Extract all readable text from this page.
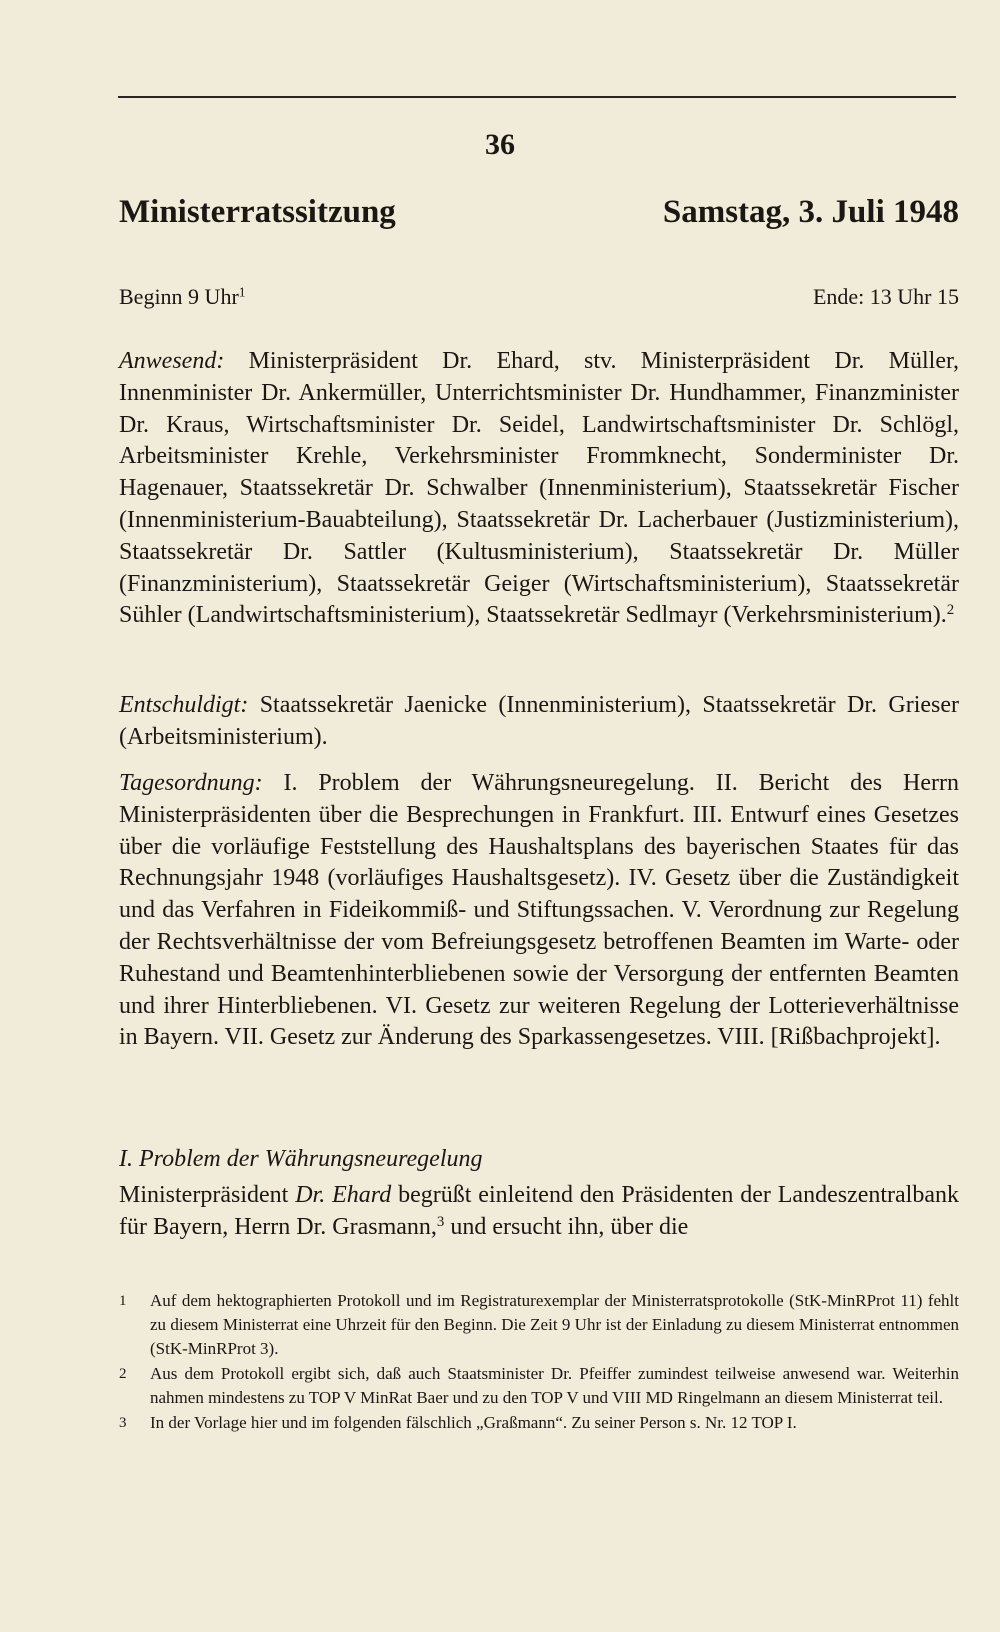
36
Ministerratssitzung	Samstag, 3. Juli 1948
Beginn 9 Uhr$^1$	Ende: 13 Uhr 15
Anwesend: Ministerpräsident Dr. Ehard, stv. Ministerpräsident Dr. Müller, Innenminister Dr. Ankermüller, Unterrichtsminister Dr. Hundhammer, Finanzminister Dr. Kraus, Wirtschaftsminister Dr. Seidel, Landwirtschaftsminister Dr. Schlögl, Arbeitsminister Krehle, Verkehrsminister Frommknecht, Sonderminister Dr. Hagenauer, Staatssekretär Dr. Schwalber (Innenministerium), Staatssekretär Fischer (Innenministerium-Bauabteilung), Staatssekretär Dr. Lacherbauer (Justizministerium), Staatssekretär Dr. Sattler (Kultusministerium), Staatssekretär Dr. Müller (Finanzministerium), Staatssekretär Geiger (Wirtschaftsministerium), Staatssekretär Sühler (Landwirtschaftsministerium), Staatssekretär Sedlmayr (Verkehrsministerium).$^2$
Entschuldigt: Staatssekretär Jaenicke (Innenministerium), Staatssekretär Dr. Grieser (Arbeitsministerium).
Tagesordnung: I. Problem der Währungsneuregelung. II. Bericht des Herrn Ministerpräsidenten über die Besprechungen in Frankfurt. III. Entwurf eines Gesetzes über die vorläufige Feststellung des Haushaltsplans des bayerischen Staates für das Rechnungsjahr 1948 (vorläufiges Haushaltsgesetz). IV. Gesetz über die Zuständigkeit und das Verfahren in Fideikommiß- und Stiftungssachen. V. Verordnung zur Regelung der Rechtsverhältnisse der vom Befreiungsgesetz betroffenen Beamten im Warte- oder Ruhestand und Beamtenhinterbliebenen sowie der Versorgung der entfernten Beamten und ihrer Hinterbliebenen. VI. Gesetz zur weiteren Regelung der Lotterieverhältnisse in Bayern. VII. Gesetz zur Änderung des Sparkassengesetzes. VIII. [Rißbachprojekt].
I. Problem der Währungsneuregelung
Ministerpräsident Dr. Ehard begrüßt einleitend den Präsidenten der Landeszentralbank für Bayern, Herrn Dr. Grasmann,$^3$ und ersucht ihn, über die
1	Auf dem hektographierten Protokoll und im Registraturexemplar der Ministerratsprotokolle (StK-MinRProt 11) fehlt zu diesem Ministerrat eine Uhrzeit für den Beginn. Die Zeit 9 Uhr ist der Einladung zu diesem Ministerrat entnommen (StK-MinRProt 3).
2	Aus dem Protokoll ergibt sich, daß auch Staatsminister Dr. Pfeiffer zumindest teilweise anwesend war. Weiterhin nahmen mindestens zu TOP V MinRat Baer und zu den TOP V und VIII MD Ringelmann an diesem Ministerrat teil.
3	In der Vorlage hier und im folgenden fälschlich „Graßmann“. Zu seiner Person s. Nr. 12 TOP I.
